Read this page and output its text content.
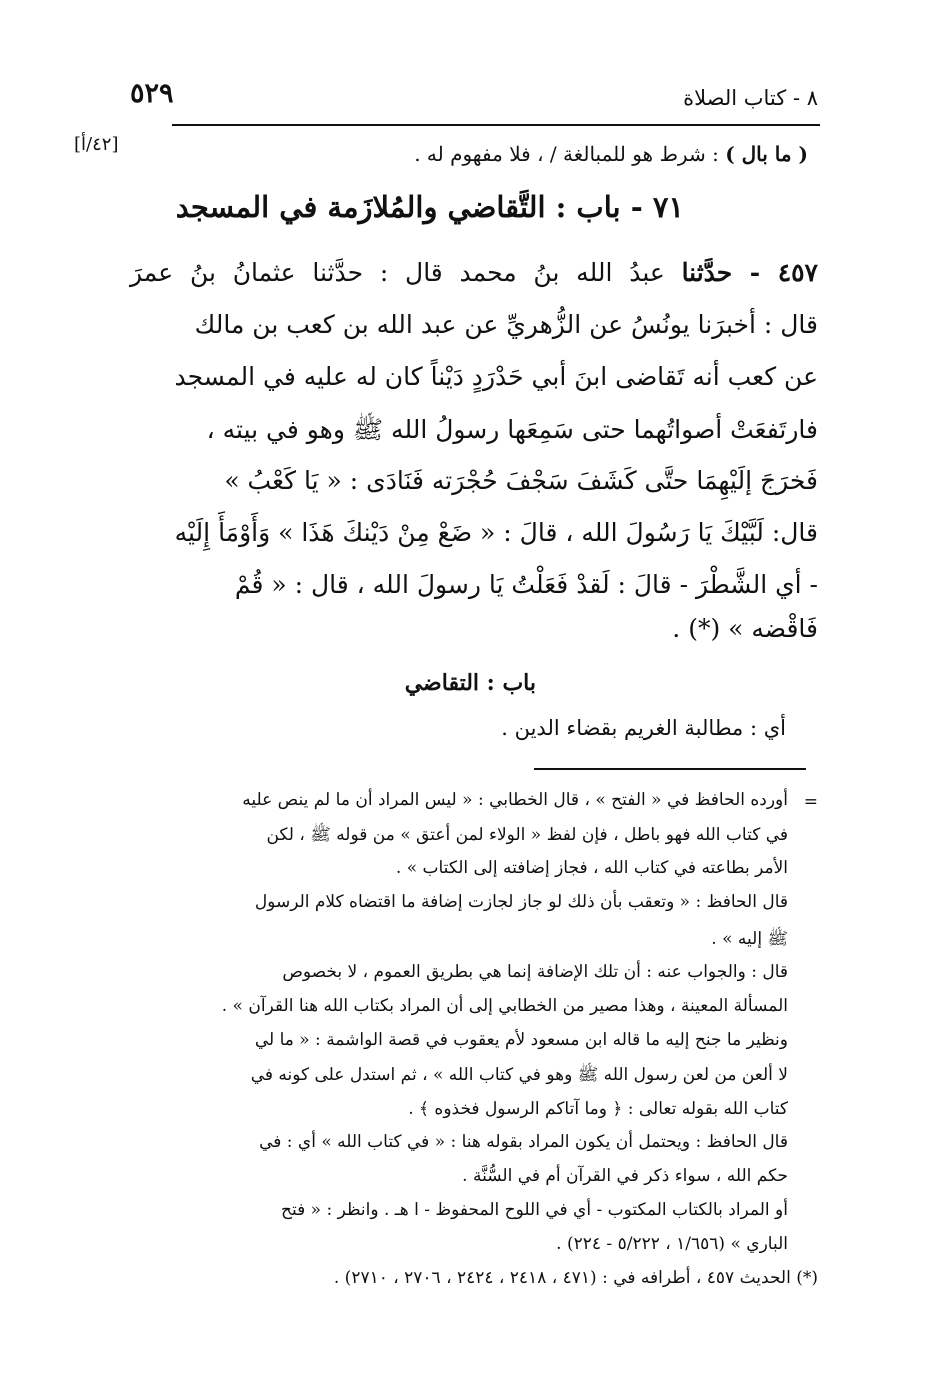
٥٢٩	٨ - كتاب الصلاة
[٤٢/أ]	( ما بال ) : شرط هو للمبالغة / ، فلا مفهوم له .
٧١ - باب : التَّقاضي والمُلازَمة في المسجد
٤٥٧ - حدَّثنا عبدُ الله بنُ محمد قال : حدَّثنا عثمانُ بنُ عمرَ
قال : أخبرَنا يونُسُ عن الزُّهريِّ عن عبد الله بن كعب بن مالك
عن كعب أنه تَقاضى ابنَ أبي حَدْرَدٍ دَيْناً كان له عليه في المسجد
فارتَفعَتْ أصواتُهما حتى سَمِعَها رسولُ الله ﷺ وهو في بيته ،
فَخرَجَ إلَيْهِمَا حتَّى كَشَفَ سَجْفَ حُجْرَته فَنَادَى : « يَا كَعْبُ »
قال: لَبَّيْكَ يَا رَسُولَ الله ، قالَ : « ضَعْ مِنْ دَيْنكَ هَذَا » وَأَوْمَأَ إِلَيْه
- أي الشَّطْرَ - قالَ : لَقدْ فَعَلْتُ يَا رسولَ الله ، قال : « قُمْ
فَاقْضه » (*) .
باب : التقاضي
أي : مطالبة الغريم بقضاء الدين .
=
أورده الحافظ في « الفتح » ، قال الخطابي : « ليس المراد أن ما لم ينص عليه
في كتاب الله فهو باطل ، فإن لفظ « الولاء لمن أعتق » من قوله ﷺ ، لكن
الأمر بطاعته في كتاب الله ، فجاز إضافته إلى الكتاب » .
قال الحافظ : « وتعقب بأن ذلك لو جاز لجازت إضافة ما اقتضاه كلام الرسول
ﷺ إليه » .
قال : والجواب عنه : أن تلك الإضافة إنما هي بطريق العموم ، لا بخصوص
المسألة المعينة ، وهذا مصير من الخطابي إلى أن المراد بكتاب الله هنا القرآن » .
ونظير ما جنح إليه ما قاله ابن مسعود لأم يعقوب في قصة الواشمة : « ما لي
لا ألعن من لعن رسول الله ﷺ وهو في كتاب الله » ، ثم استدل على كونه في
كتاب الله بقوله تعالى : ﴿ وما آتاكم الرسول فخذوه ﴾ .
قال الحافظ : ويحتمل أن يكون المراد بقوله هنا : « في كتاب الله » أي : في
حكم الله ، سواء ذكر في القرآن أم في السُّنَّة .
أو المراد بالكتاب المكتوب - أي في اللوح المحفوظ - ا هـ . وانظر : « فتح
الباري » (١/٦٥٦ ، ٥/٢٢٢ - ٢٢٤) .
(*) الحديث ٤٥٧ ، أطرافه في : (٤٧١ ، ٢٤١٨ ، ٢٤٢٤ ، ٢٧٠٦ ، ٢٧١٠) .
